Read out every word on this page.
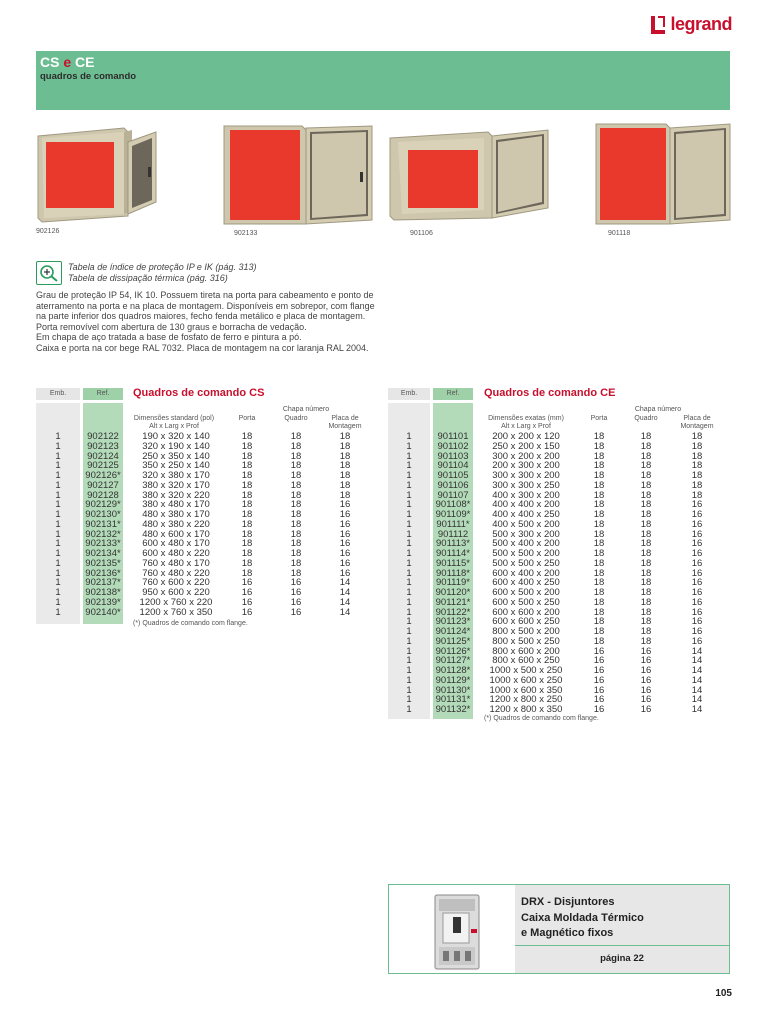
legrand
CS e CE
quadros de comando
902126	902133	901106	901118
Tabela de índice de proteção IP e IK (pág. 313)
Tabela de dissipação térmica (pág. 316)
Grau de proteção IP 54, IK 10. Possuem tireta na porta para cabeamento e ponto de aterramento na porta e na placa de montagem. Disponíveis em sobrepor, com flange na parte inferior dos quadros maiores, fecho fenda metálico e placa de montagem. Porta removível com abertura de 130 graus e borracha de vedação.
Em chapa de aço tratada a base de fosfato de ferro e pintura a pó.
Caixa e porta na cor bege RAL 7032. Placa de montagem na cor laranja RAL 2004.
Emb.	Ref.	Quadros de comando CS
Chapa número
Dimensões standard (pol)
Alt x Larg x Prof
Porta	Quadro	Placa de
Montagem
1	902122	190 x 320 x 140	18	18	18
1	902123	320 x 190 x 140	18	18	18
1	902124	250 x 350 x 140	18	18	18
1	902125	350 x 250 x 140	18	18	18
1	902126*	320 x 380 x 170	18	18	18
1	902127	380 x 320 x 170	18	18	18
1	902128	380 x 320 x 220	18	18	18
1	902129*	380 x 480 x 170	18	18	16
1	902130*	480 x 380 x 170	18	18	16
1	902131*	480 x 380 x 220	18	18	16
1	902132*	480 x 600 x 170	18	18	16
1	902133*	600 x 480 x 170	18	18	16
1	902134*	600 x 480 x 220	18	18	16
1	902135*	760 x 480 x 170	18	18	16
1	902136*	760 x 480 x 220	18	18	16
1	902137*	760 x 600 x 220	16	16	14
1	902138*	950 x 600 x 220	16	16	14
1	902139*	1200 x 760 x 220	16	16	14
1	902140*	1200 x 760 x 350	16	16	14
(*) Quadros de comando com flange.
Emb.	Ref.	Quadros de comando CE
Chapa número
Dimensões exatas (mm)
Alt x Larg x Prof
Porta	Quadro	Placa de
Montagem
1	901101	200 x 200 x 120	18	18	18
1	901102	250 x 200 x 150	18	18	18
1	901103	300 x 200 x 200	18	18	18
1	901104	200 x 300 x 200	18	18	18
1	901105	300 x 300 x 200	18	18	18
1	901106	300 x 300 x 250	18	18	18
1	901107	400 x 300 x 200	18	18	18
1	901108*	400 x 400 x 200	18	18	16
1	901109*	400 x 400 x 250	18	18	16
1	901111*	400 x 500 x 200	18	18	16
1	901112	500 x 300 x 200	18	18	16
1	901113*	500 x 400 x 200	18	18	16
1	901114*	500 x 500 x 200	18	18	16
1	901115*	500 x 500 x 250	18	18	16
1	901118*	600 x 400 x 200	18	18	16
1	901119*	600 x 400 x 250	18	18	16
1	901120*	600 x 500 x 200	18	18	16
1	901121*	600 x 500 x 250	18	18	16
1	901122*	600 x 600 x 200	18	18	16
1	901123*	600 x 600 x 250	18	18	16
1	901124*	800 x 500 x 200	18	18	16
1	901125*	800 x 500 x 250	18	18	16
1	901126*	800 x 600 x 200	16	16	14
1	901127*	800 x 600 x 250	16	16	14
1	901128*	1000 x 500 x 250	16	16	14
1	901129*	1000 x 600 x 250	16	16	14
1	901130*	1000 x 600 x 350	16	16	14
1	901131*	1200 x 800 x 250	16	16	14
1	901132*	1200 x 800 x 350	16	16	14
(*) Quadros de comando com flange.
DRX - Disjuntores
Caixa Moldada Térmico
e Magnético fixos
página 22
105
